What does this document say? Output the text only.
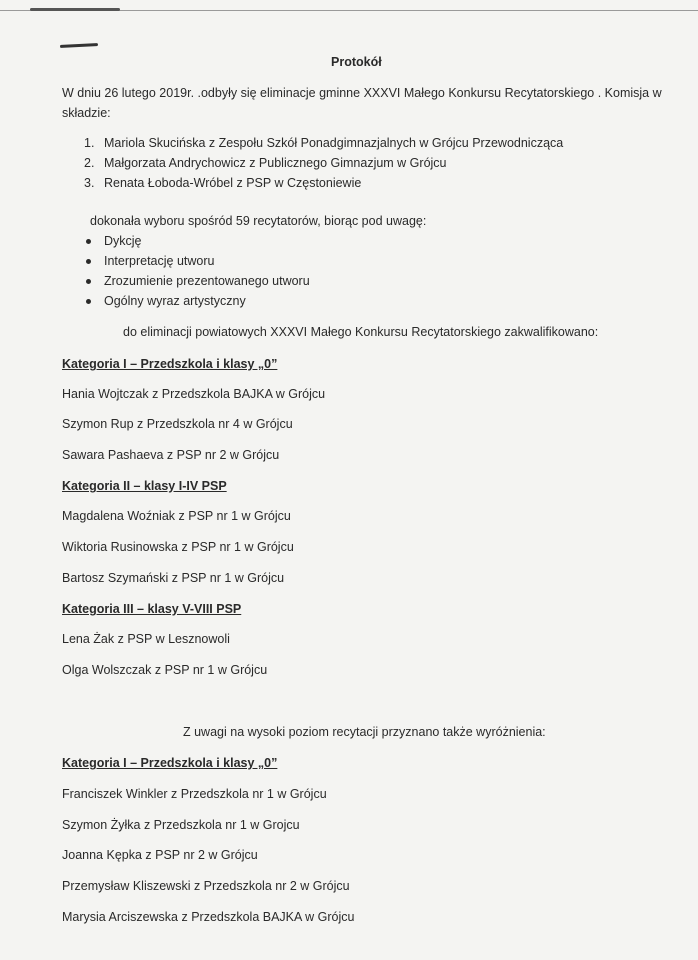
Protokół
W dniu 26 lutego 2019r. .odbyły się eliminacje gminne XXXVI Małego Konkursu Recytatorskiego . Komisja w
składzie:
1. Mariola Skucińska z Zespołu Szkół Ponadgimnazjalnych w Grójcu Przewodnicząca
2. Małgorzata Andrychowicz z Publicznego Gimnazjum w Grójcu
3. Renata Łoboda-Wróbel z PSP w Częstoniewie
dokonała wyboru spośród 59 recytatorów, biorąc pod uwagę:
Dykcję
Interpretację utworu
Zrozumienie prezentowanego utworu
Ogólny wyraz artystyczny
do eliminacji powiatowych XXXVI Małego Konkursu Recytatorskiego zakwalifikowano:
Kategoria I – Przedszkola i klasy „0”
Hania Wojtczak z Przedszkola BAJKA w Grójcu
Szymon Rup z Przedszkola nr 4 w Grójcu
Sawara Pashaeva z PSP nr 2 w Grójcu
Kategoria II – klasy I-IV PSP
Magdalena Woźniak z PSP nr 1 w Grójcu
Wiktoria Rusinowska z PSP nr 1 w Grójcu
Bartosz Szymański z PSP nr 1 w Grójcu
Kategoria III – klasy V-VIII PSP
Lena Żak z PSP w Lesznowoli
Olga Wolszczak z PSP nr 1 w Grójcu
Z uwagi na wysoki poziom recytacji przyznano także wyróżnienia:
Kategoria I – Przedszkola i klasy „0”
Franciszek Winkler z Przedszkola nr 1 w Grójcu
Szymon Żyłka z Przedszkola nr 1 w Grojcu
Joanna Kępka z PSP nr 2 w Grójcu
Przemysław Kliszewski z Przedszkola nr 2 w Grójcu
Marysia Arciszewska z Przedszkola BAJKA w Grójcu
